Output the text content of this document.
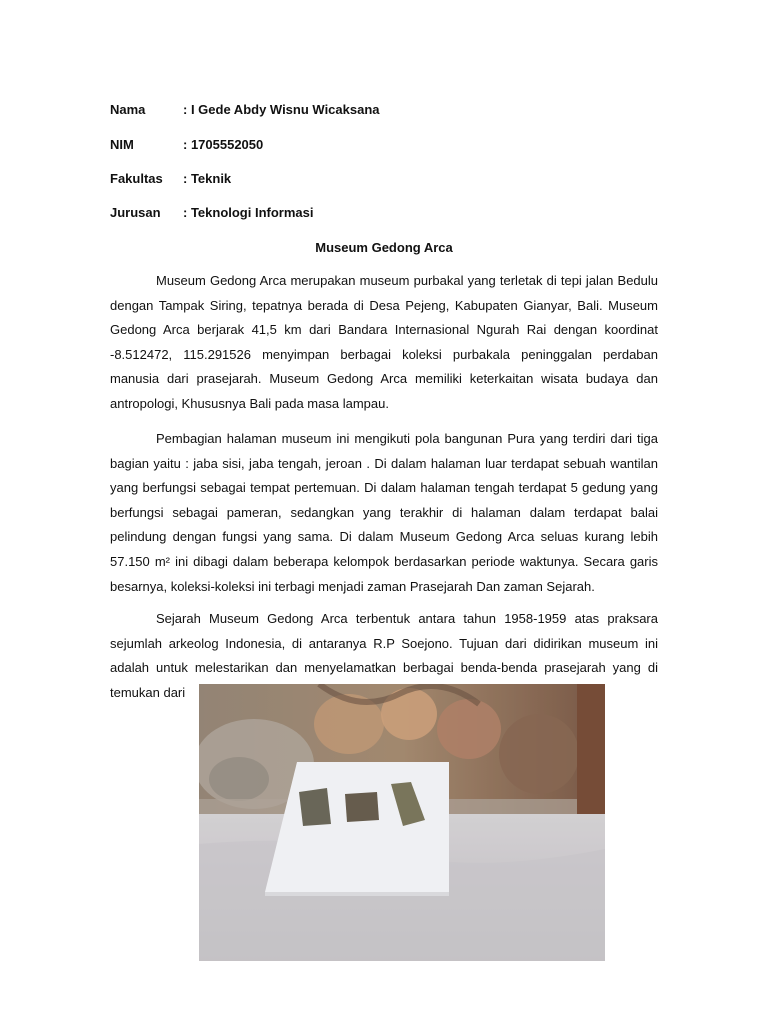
Nama	: I Gede Abdy Wisnu Wicaksana
NIM	: 1705552050
Fakultas : Teknik
Jurusan : Teknologi Informasi
Museum Gedong Arca

Museum Gedong Arca merupakan museum purbakal yang terletak di tepi jalan Bedulu dengan Tampak Siring, tepatnya berada di Desa Pejeng, Kabupaten Gianyar, Bali. Museum Gedong Arca berjarak 41,5 km dari Bandara Internasional Ngurah Rai dengan koordinat -8.512472, 115.291526 menyimpan berbagai koleksi purbakala peninggalan perdaban manusia dari prasejarah. Museum Gedong Arca memiliki keterkaitan wisata budaya dan antropologi, Khususnya Bali pada masa lampau.

Pembagian halaman museum ini mengikuti pola bangunan Pura yang terdiri dari tiga bagian yaitu : jaba sisi, jaba tengah, jeroan . Di dalam halaman luar terdapat sebuah wantilan yang berfungsi sebagai tempat pertemuan. Di dalam halaman tengah terdapat 5 gedung yang berfungsi sebagai pameran, sedangkan yang terakhir di halaman dalam terdapat balai pelindung dengan fungsi yang sama. Di dalam Museum Gedong Arca seluas kurang lebih 57.150 m² ini dibagi dalam beberapa kelompok berdasarkan periode waktunya. Secara garis besarnya, koleksi-koleksi ini terbagi menjadi zaman Prasejarah Dan zaman Sejarah.

Sejarah Museum Gedong Arca terbentuk antara tahun 1958-1959 atas praksara sejumlah arkeolog Indonesia, di antaranya R.P Soejono. Tujuan dari didirikan museum ini adalah untuk melestarikan dan menyelamatkan berbagai benda-benda prasejarah yang di temukan dari
